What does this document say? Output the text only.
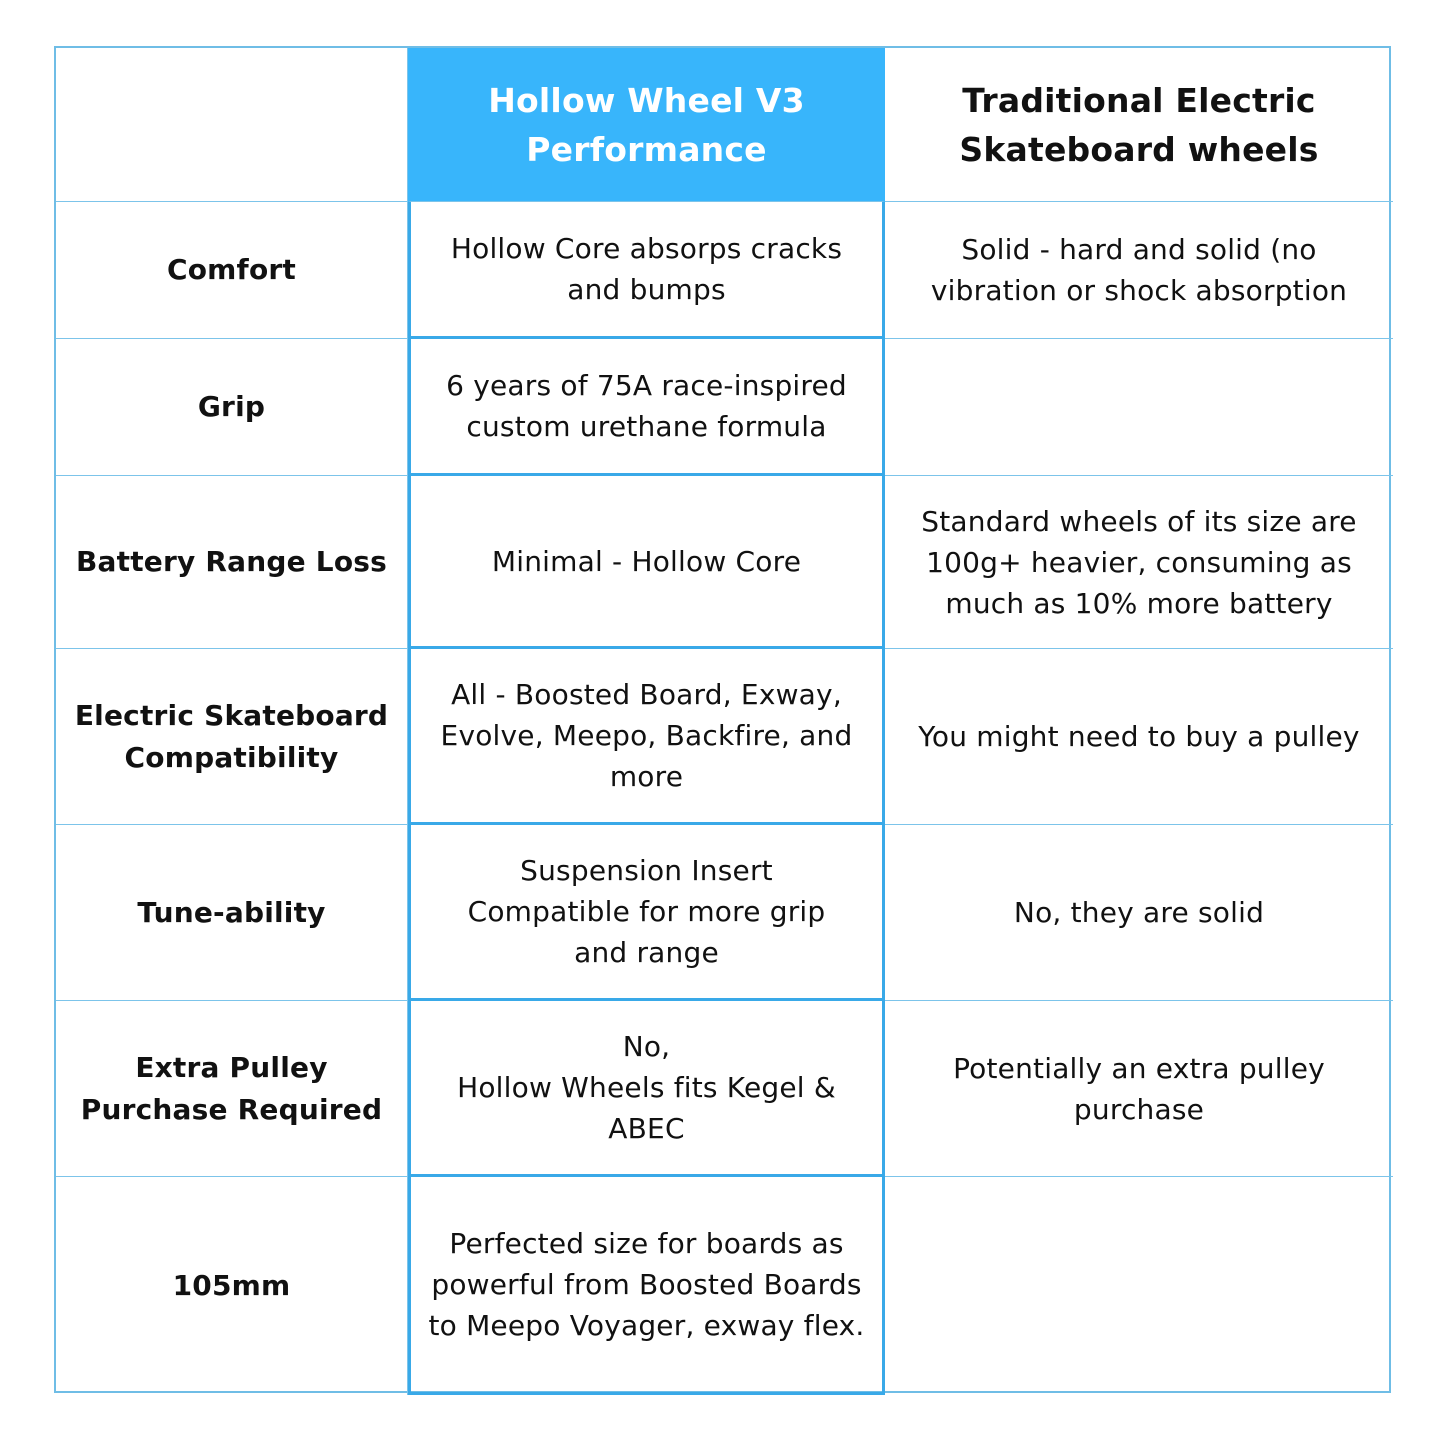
Hollow Wheel V3 Performance
Traditional Electric Skateboard wheels
Comfort
Hollow Core absorps cracks and bumps
Solid - hard and solid (no vibration or shock absorption
Grip
6 years of 75A race-inspired custom urethane formula
Battery Range Loss	Minimal - Hollow Core
Standard wheels of its size are 100g+ heavier, consuming as much as 10% more battery
Electric Skateboard Compatibility
All - Boosted Board, Exway, Evolve, Meepo, Backfire, and more
You might need to buy a pulley
Tune-ability
Suspension Insert Compatible for more grip and range
No, they are solid
Extra Pulley Purchase Required
No,
Hollow Wheels fits Kegel & ABEC
Potentially an extra pulley purchase
105mm
Perfected size for boards as powerful from Boosted Boards to Meepo Voyager, exway flex.
